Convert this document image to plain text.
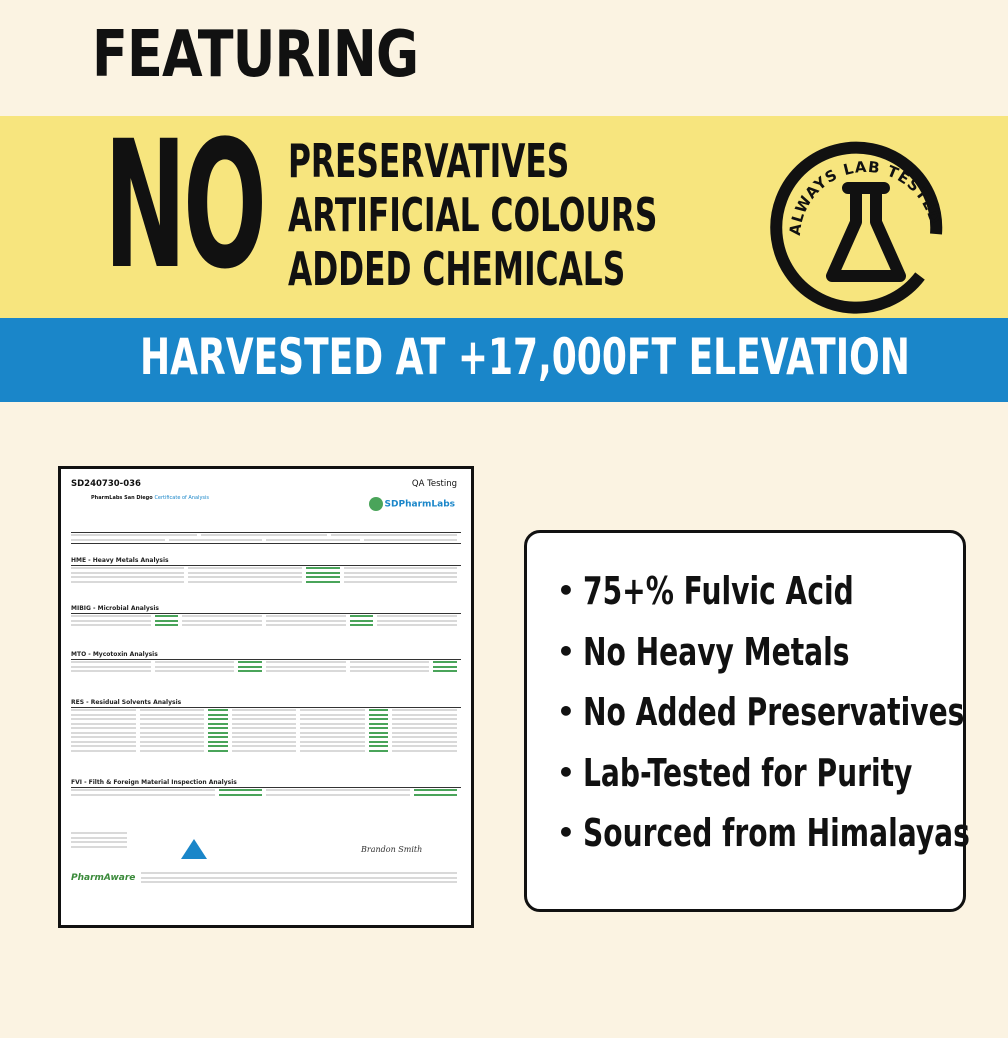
FEATURING
NO PRESERVATIVES
ARTIFICIAL COLOURS
ADDED CHEMICALS
ALWAYS LAB TESTED
HARVESTED AT +17,000FT ELEVATION
SD240730-036	QA Testing
PharmLabs San Diego Certificate of Analysis
SDPharmLabs
HME - Heavy Metals Analysis
MIBIG - Microbial Analysis
MTO - Mycotoxin Analysis
RES - Residual Solvents Analysis
FVI - Filth & Foreign Material Inspection Analysis
Brandon Smith
PharmAware
• 75+% Fulvic Acid
• No Heavy Metals
• No Added Preservatives
• Lab-Tested for Purity
• Sourced from Himalayas
